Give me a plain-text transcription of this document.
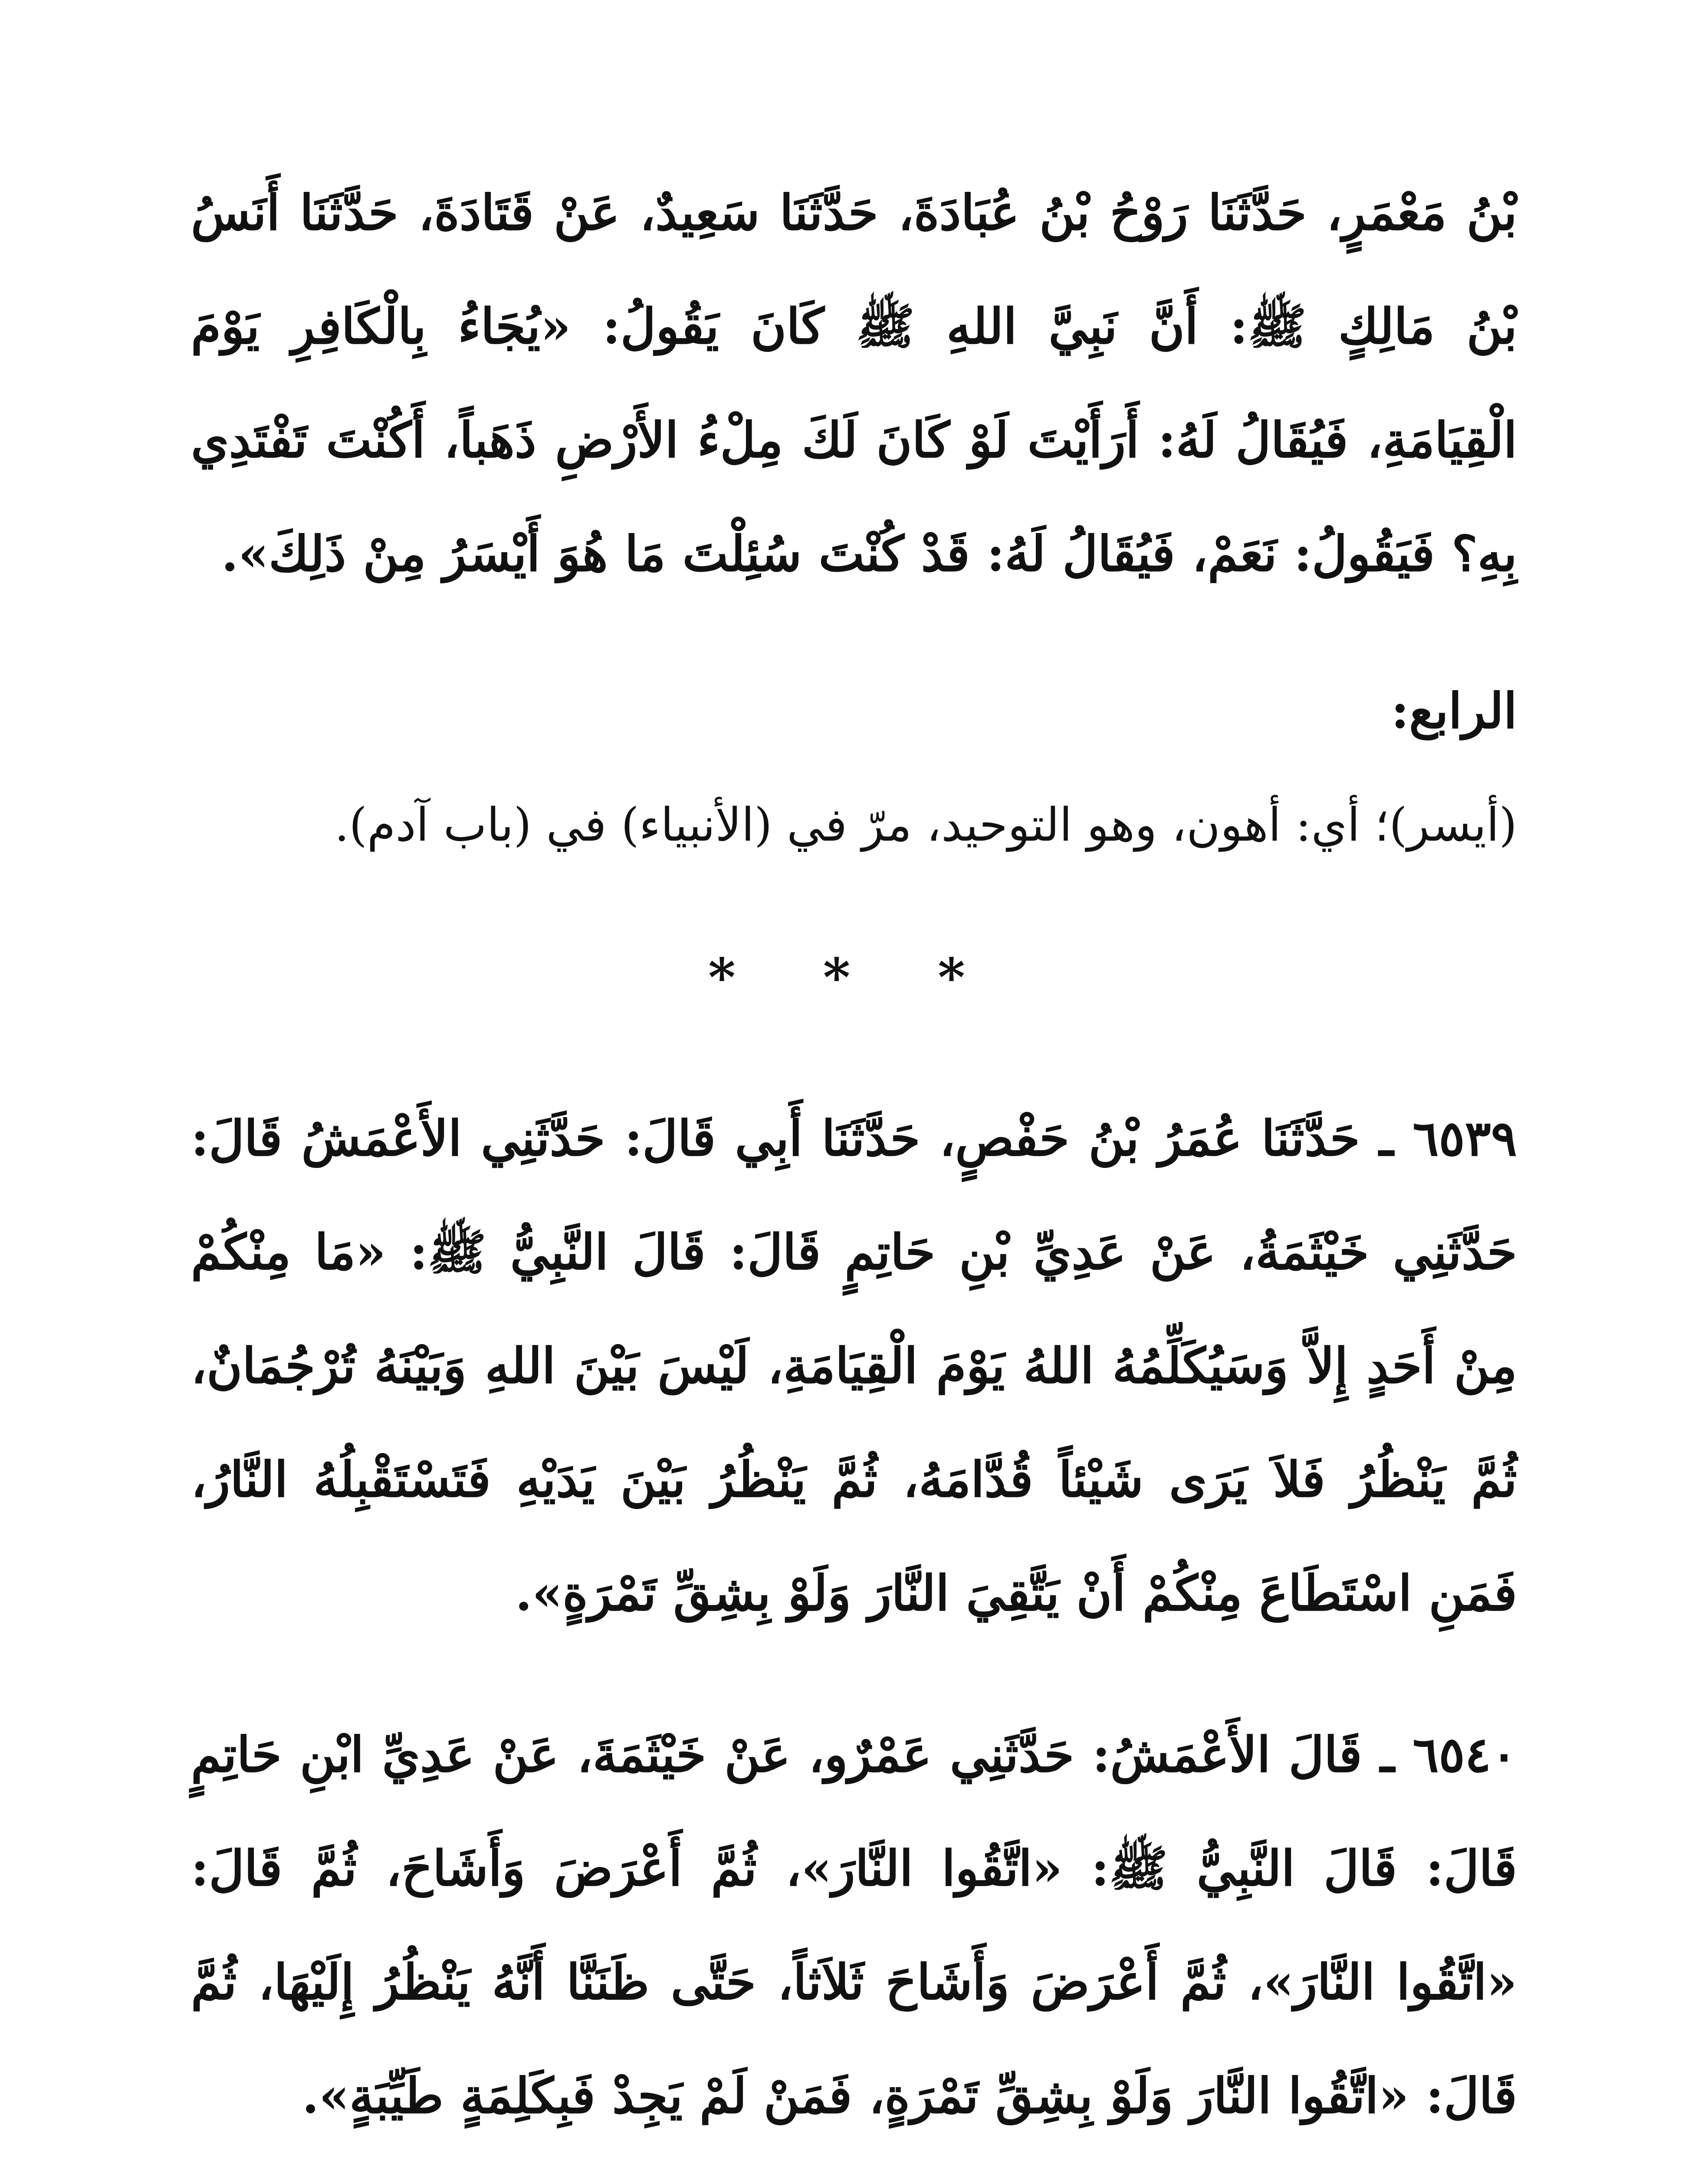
بْنُ مَعْمَرٍ، حَدَّثَنَا رَوْحُ بْنُ عُبَادَةَ، حَدَّثَنَا سَعِيدٌ، عَنْ قَتَادَةَ، حَدَّثَنَا أَنَسُ بْنُ مَالِكٍ ﷺ: أَنَّ نَبِيَّ اللهِ ﷺ كَانَ يَقُولُ: «يُجَاءُ بِالْكَافِرِ يَوْمَ الْقِيَامَةِ، فَيُقَالُ لَهُ: أَرَأَيْتَ لَوْ كَانَ لَكَ مِلْءُ الأَرْضِ ذَهَباً، أَكُنْتَ تَفْتَدِي بِهِ؟ فَيَقُولُ: نَعَمْ، فَيُقَالُ لَهُ: قَدْ كُنْتَ سُئِلْتَ مَا هُوَ أَيْسَرُ مِنْ ذَلِكَ».

الرابع:

(أيسر)؛ أي: أهون، وهو التوحيد، مرّ في (الأنبياء) في (باب آدم).

* * *

٦٥٣٩ ـ حَدَّثَنَا عُمَرُ بْنُ حَفْصٍ، حَدَّثَنَا أَبِي قَالَ: حَدَّثَنِي الأَعْمَشُ قَالَ: حَدَّثَنِي خَيْثَمَةُ، عَنْ عَدِيِّ بْنِ حَاتِمٍ قَالَ: قَالَ النَّبِيُّ ﷺ: «مَا مِنْكُمْ مِنْ أَحَدٍ إِلاَّ وَسَيُكَلِّمُهُ اللهُ يَوْمَ الْقِيَامَةِ، لَيْسَ بَيْنَ اللهِ وَبَيْنَهُ تُرْجُمَانٌ، ثُمَّ يَنْظُرُ فَلاَ يَرَى شَيْئاً قُدَّامَهُ، ثُمَّ يَنْظُرُ بَيْنَ يَدَيْهِ فَتَسْتَقْبِلُهُ النَّارُ، فَمَنِ اسْتَطَاعَ مِنْكُمْ أَنْ يَتَّقِيَ النَّارَ وَلَوْ بِشِقِّ تَمْرَةٍ».

٦٥٤٠ ـ قَالَ الأَعْمَشُ: حَدَّثَنِي عَمْرٌو، عَنْ خَيْثَمَةَ، عَنْ عَدِيِّ ابْنِ حَاتِمٍ قَالَ: قَالَ النَّبِيُّ ﷺ: «اتَّقُوا النَّارَ»، ثُمَّ أَعْرَضَ وَأَشَاحَ، ثُمَّ قَالَ: «اتَّقُوا النَّارَ»، ثُمَّ أَعْرَضَ وَأَشَاحَ ثَلاَثاً، حَتَّى ظَنَنَّا أَنَّهُ يَنْظُرُ إِلَيْهَا، ثُمَّ قَالَ: «اتَّقُوا النَّارَ وَلَوْ بِشِقِّ تَمْرَةٍ، فَمَنْ لَمْ يَجِدْ فَبِكَلِمَةٍ طَيِّبَةٍ».
